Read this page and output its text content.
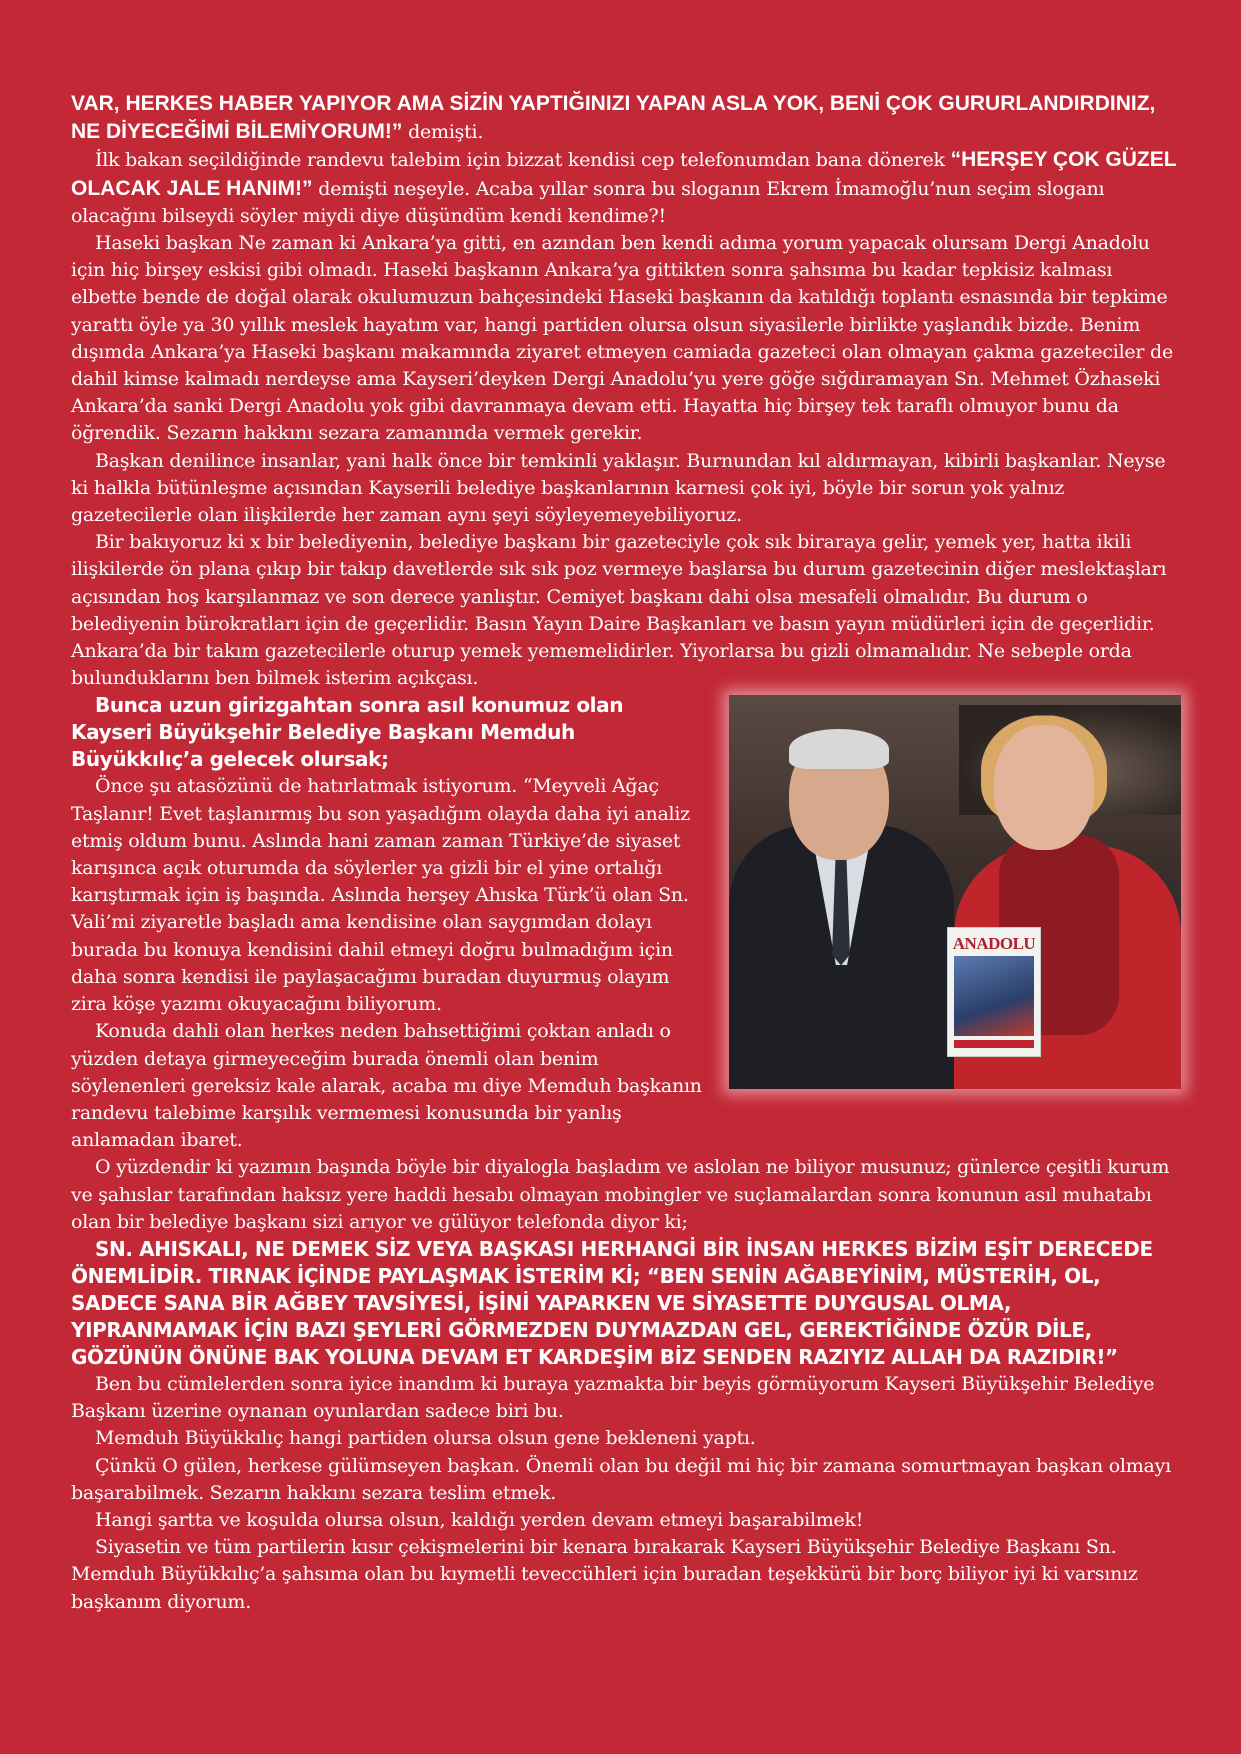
VAR, HERKES HABER YAPIYOR AMA SİZİN YAPTIĞINIZI YAPAN ASLA YOK, BENİ ÇOK GURURLANDIRDINIZ, NE DİYECEĞİMİ BİLEMİYORUM!” demişti.

İlk bakan seçildiğinde randevu talebim için bizzat kendisi cep telefonumdan bana dönerek “HERŞEY ÇOK GÜZEL OLACAK JALE HANIM!” demişti neşeyle. Acaba yıllar sonra bu sloganın Ekrem İmamoğlu’nun seçim sloganı olacağını bilseydi söyler miydi diye düşündüm kendi kendime?!

Haseki başkan Ne zaman ki Ankara’ya gitti, en azından ben kendi adıma yorum yapacak olursam Dergi Anadolu için hiç birşey eskisi gibi olmadı. Haseki başkanın Ankara’ya gittikten sonra şahsıma bu kadar tepkisiz kalması elbette bende de doğal olarak okulumuzun bahçesindeki Haseki başkanın da katıldığı toplantı esnasında bir tepkime yarattı öyle ya 30 yıllık meslek hayatım var, hangi partiden olursa olsun siyasilerle birlikte yaşlandık bizde. Benim dışımda Ankara’ya Haseki başkanı makamında ziyaret etmeyen camiada gazeteci olan olmayan çakma gazeteciler de dahil kimse kalmadı nerdeyse ama Kayseri’deyken Dergi Anadolu’yu yere göğe sığdıramayan Sn. Mehmet Özhaseki Ankara’da sanki Dergi Anadolu yok gibi davranmaya devam etti. Hayatta hiç birşey tek taraflı olmuyor bunu da öğrendik. Sezarın hakkını sezara zamanında vermek gerekir.

Başkan denilince insanlar, yani halk önce bir temkinli yaklaşır. Burnundan kıl aldırmayan, kibirli başkanlar. Neyse ki halkla bütünleşme açısından Kayserili belediye başkanlarının karnesi çok iyi, böyle bir sorun yok yalnız gazetecilerle olan ilişkilerde her zaman aynı şeyi söyleyemeyebiliyoruz.

Bir bakıyoruz ki x bir belediyenin, belediye başkanı bir gazeteciyle çok sık biraraya gelir, yemek yer, hatta ikili ilişkilerde ön plana çıkıp bir takıp davetlerde sık sık poz vermeye başlarsa bu durum gazetecinin diğer meslektaşları açısından hoş karşılanmaz ve son derece yanlıştır. Cemiyet başkanı dahi olsa mesafeli olmalıdır. Bu durum o belediyenin bürokratları için de geçerlidir. Basın Yayın Daire Başkanları ve basın yayın müdürleri için de geçerlidir. Ankara’da bir takım gazetecilerle oturup yemek yememelidirler. Yiyorlarsa bu gizli olmamalıdır. Ne sebeple orda bulunduklarını ben bilmek isterim açıkçası.

ANADOLU

Bunca uzun girizgahtan sonra asıl konumuz olan Kayseri Büyükşehir Belediye Başkanı Memduh Büyükkılıç’a gelecek olursak;

Önce şu atasözünü de hatırlatmak istiyorum. “Meyveli Ağaç Taşlanır! Evet taşlanırmış bu son yaşadığım olayda daha iyi analiz etmiş oldum bunu. Aslında hani zaman zaman Türkiye’de siyaset karışınca açık oturumda da söylerler ya gizli bir el yine ortalığı karıştırmak için iş başında. Aslında herşey Ahıska Türk’ü olan Sn. Vali’mi ziyaretle başladı ama kendisine olan saygımdan dolayı burada bu konuya kendisini dahil etmeyi doğru bulmadığım için daha sonra kendisi ile paylaşacağımı buradan duyurmuş olayım zira köşe yazımı okuyacağını biliyorum.

Konuda dahli olan herkes neden bahsettiğimi çoktan anladı o yüzden detaya girmeyeceğim burada önemli olan benim söylenenleri gereksiz kale alarak, acaba mı diye Memduh başkanın randevu talebime karşılık vermemesi konusunda bir yanlış anlamadan ibaret.

O yüzdendir ki yazımın başında böyle bir diyalogla başladım ve aslolan ne biliyor musunuz; günlerce çeşitli kurum ve şahıslar tarafından haksız yere haddi hesabı olmayan mobingler ve suçlamalardan sonra konunun asıl muhatabı olan bir belediye başkanı sizi arıyor ve gülüyor telefonda diyor ki;

SN. AHISKALI, NE DEMEK SİZ VEYA BAŞKASI HERHANGİ BİR İNSAN HERKES BİZİM EŞİT DERECEDE ÖNEMLİDİR. TIRNAK İÇİNDE PAYLAŞMAK İSTERİM Kİ; “BEN SENİN AĞABEYİNİM, MÜSTERİH, OL, SADECE SANA BİR AĞBEY TAVSİYESİ, İŞİNİ YAPARKEN VE SİYASETTE DUYGUSAL OLMA, YIPRANMAMAK İÇİN BAZI ŞEYLERİ GÖRMEZDEN DUYMAZDAN GEL, GEREKTİĞİNDE ÖZÜR DİLE, GÖZÜNÜN ÖNÜNE BAK YOLUNA DEVAM ET KARDEŞİM BİZ SENDEN RAZIYIZ ALLAH DA RAZIDIR!”

Ben bu cümlelerden sonra iyice inandım ki buraya yazmakta bir beyis görmüyorum Kayseri Büyükşehir Belediye Başkanı üzerine oynanan oyunlardan sadece biri bu.

Memduh Büyükkılıç hangi partiden olursa olsun gene bekleneni yaptı.

Çünkü O gülen, herkese gülümseyen başkan. Önemli olan bu değil mi hiç bir zamana somurtmayan başkan olmayı başarabilmek. Sezarın hakkını sezara teslim etmek.

Hangi şartta ve koşulda olursa olsun, kaldığı yerden devam etmeyi başarabilmek!

Siyasetin ve tüm partilerin kısır çekişmelerini bir kenara bırakarak Kayseri Büyükşehir Belediye Başkanı Sn. Memduh Büyükkılıç’a şahsıma olan bu kıymetli teveccühleri için buradan teşekkürü bir borç biliyor iyi ki varsınız başkanım diyorum.
